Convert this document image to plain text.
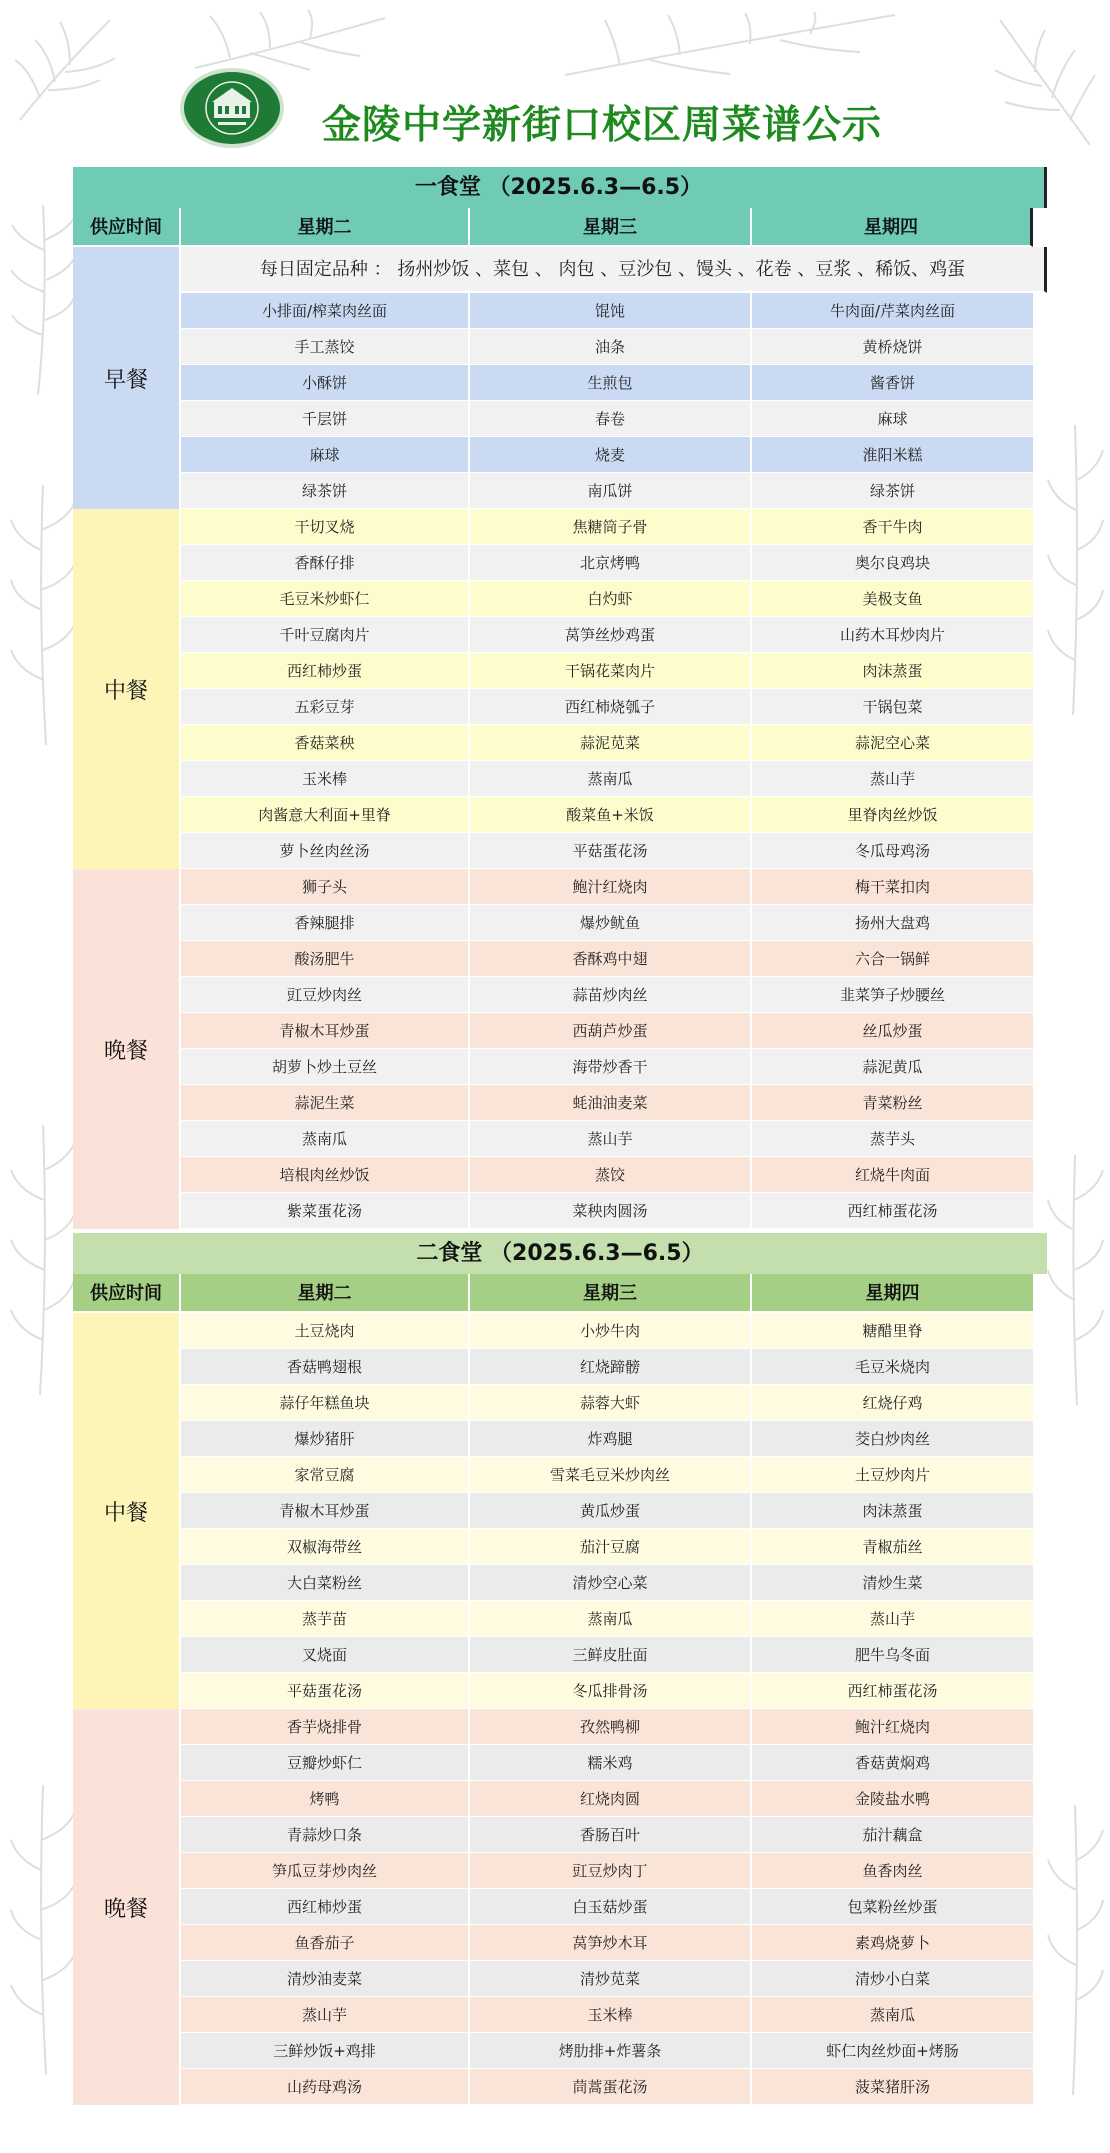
金陵中学新街口校区周菜谱公示
一食堂 （2025.6.3—6.5）
供应时间	星期二	星期三	星期四
早餐
每日固定品种 ： 扬州炒饭 、菜包 、 肉包 、豆沙包 、馒头 、花卷 、豆浆 、稀饭、鸡蛋
小排面/榨菜肉丝面	馄饨	牛肉面/芹菜肉丝面
手工蒸饺	油条	黄桥烧饼
小酥饼	生煎包	酱香饼
千层饼	春卷	麻球
麻球	烧麦	淮阳米糕
绿茶饼	南瓜饼	绿茶饼
中餐
干切叉烧	焦糖筒子骨	香干牛肉
香酥仔排	北京烤鸭	奥尔良鸡块
毛豆米炒虾仁	白灼虾	美极支鱼
千叶豆腐肉片	莴笋丝炒鸡蛋	山药木耳炒肉片
西红柿炒蛋	干锅花菜肉片	肉沫蒸蛋
五彩豆芽	西红柿烧瓠子	干锅包菜
香菇菜秧	蒜泥苋菜	蒜泥空心菜
玉米棒	蒸南瓜	蒸山芋
肉酱意大利面+里脊	酸菜鱼+米饭	里脊肉丝炒饭
萝卜丝肉丝汤	平菇蛋花汤	冬瓜母鸡汤
晚餐
狮子头	鲍汁红烧肉	梅干菜扣肉
香辣腿排	爆炒鱿鱼	扬州大盘鸡
酸汤肥牛	香酥鸡中翅	六合一锅鲜
豇豆炒肉丝	蒜苗炒肉丝	韭菜笋子炒腰丝
青椒木耳炒蛋	西葫芦炒蛋	丝瓜炒蛋
胡萝卜炒土豆丝	海带炒香干	蒜泥黄瓜
蒜泥生菜	蚝油油麦菜	青菜粉丝
蒸南瓜	蒸山芋	蒸芋头
培根肉丝炒饭	蒸饺	红烧牛肉面
紫菜蛋花汤	菜秧肉圆汤	西红柿蛋花汤
二食堂 （2025.6.3—6.5）
供应时间	星期二	星期三	星期四
中餐
土豆烧肉	小炒牛肉	糖醋里脊
香菇鸭翅根	红烧蹄髈	毛豆米烧肉
蒜仔年糕鱼块	蒜蓉大虾	红烧仔鸡
爆炒猪肝	炸鸡腿	茭白炒肉丝
家常豆腐	雪菜毛豆米炒肉丝	土豆炒肉片
青椒木耳炒蛋	黄瓜炒蛋	肉沫蒸蛋
双椒海带丝	茄汁豆腐	青椒茄丝
大白菜粉丝	清炒空心菜	清炒生菜
蒸芋苗	蒸南瓜	蒸山芋
叉烧面	三鲜皮肚面	肥牛乌冬面
平菇蛋花汤	冬瓜排骨汤	西红柿蛋花汤
晚餐
香芋烧排骨	孜然鸭柳	鲍汁红烧肉
豆瓣炒虾仁	糯米鸡	香菇黄焖鸡
烤鸭	红烧肉圆	金陵盐水鸭
青蒜炒口条	香肠百叶	茄汁藕盒
笋瓜豆芽炒肉丝	豇豆炒肉丁	鱼香肉丝
西红柿炒蛋	白玉菇炒蛋	包菜粉丝炒蛋
鱼香茄子	莴笋炒木耳	素鸡烧萝卜
清炒油麦菜	清炒苋菜	清炒小白菜
蒸山芋	玉米棒	蒸南瓜
三鲜炒饭+鸡排	烤肋排+炸薯条	虾仁肉丝炒面+烤肠
山药母鸡汤	茼蒿蛋花汤	菠菜猪肝汤
